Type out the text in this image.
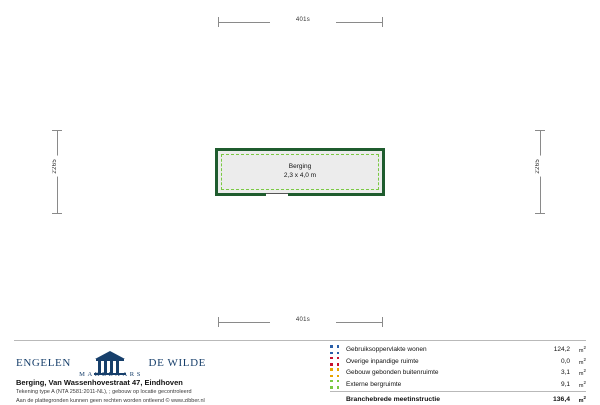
401s
401s
2265	2265
Berging
2,3 x 4,0 m
ENGELEN	DE WILDE
MAKELAARS
Berging, Van Wassenhovestraat 47, Eindhoven
Tekening type A (NTA 2581:2011-NL), ; gebouw op locatie gecontroleerd
Aan de plattegronden kunnen geen rechten worden ontleend © www.zibber.nl
Gebruiksoppervlakte wonen	124,2	$m^2$
Overige inpandige ruimte	0,0	$m^2$
Gebouw gebonden buitenruimte	3,1	$m^2$
Externe bergruimte	9,1	$m^2$
Branchebrede meetinstructie	136,4	$m^2$
